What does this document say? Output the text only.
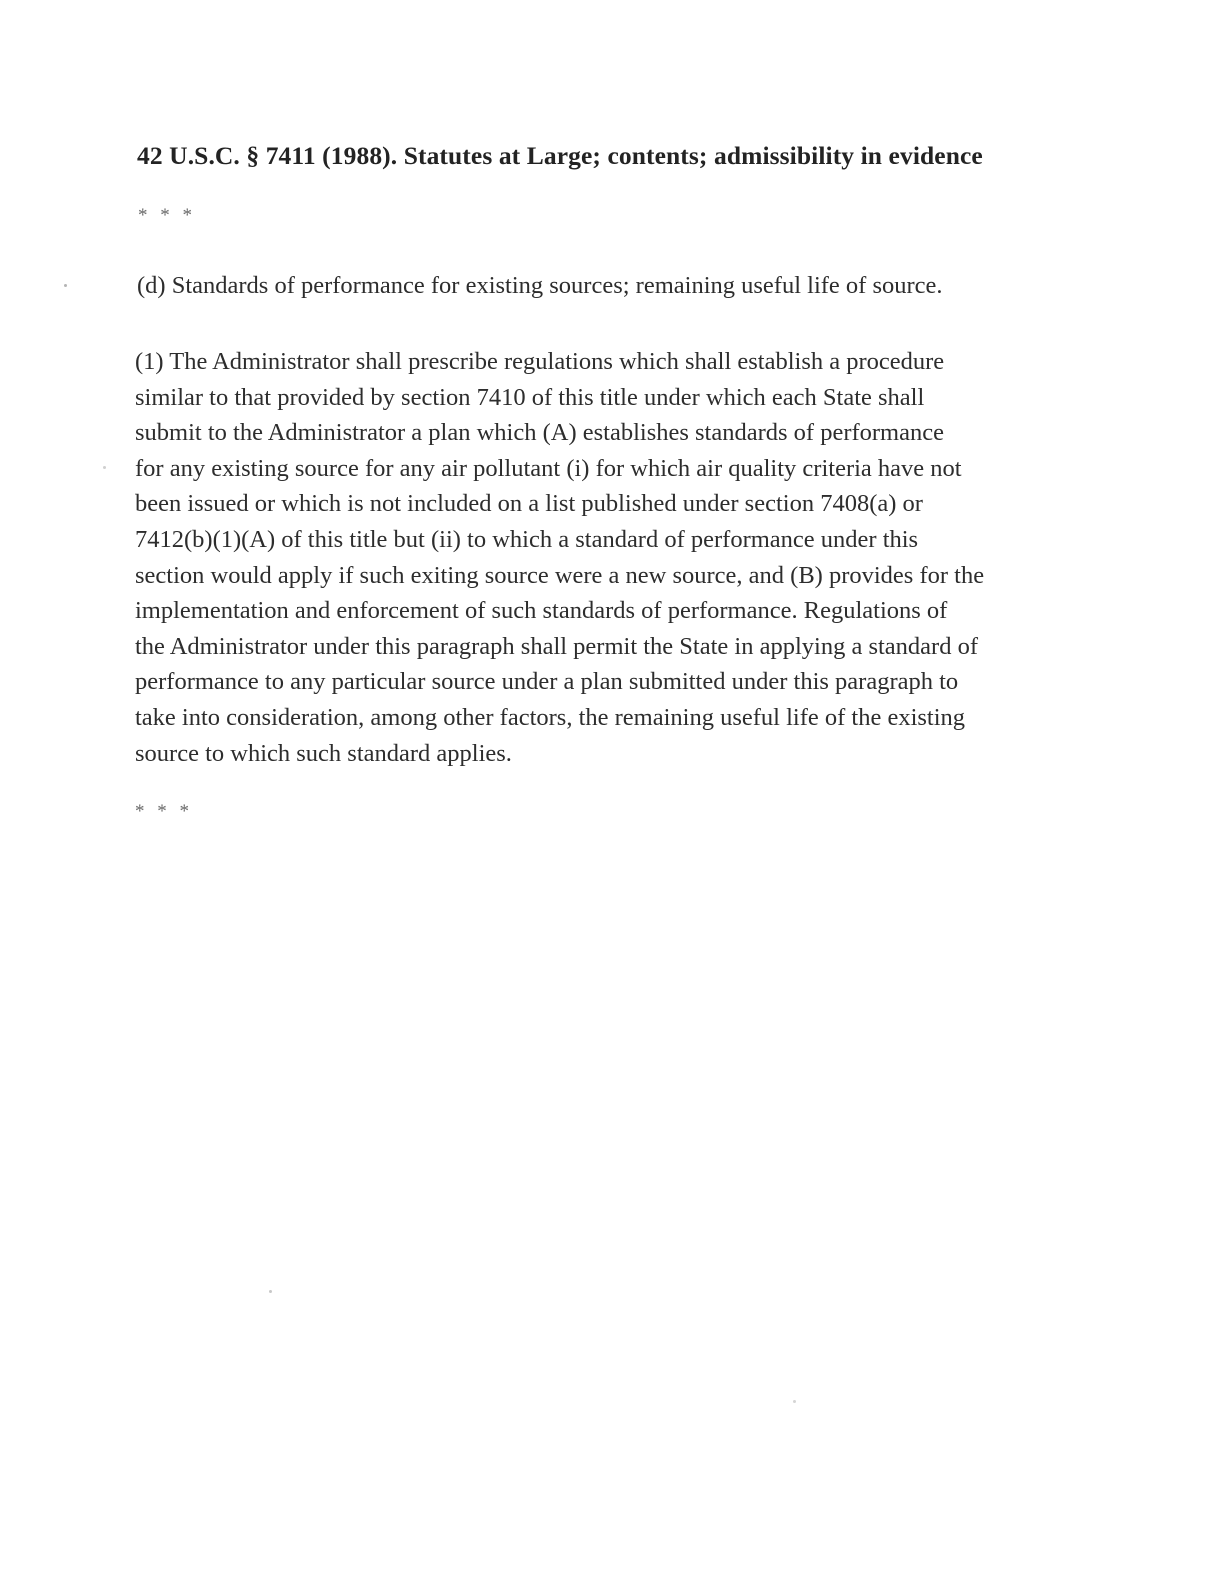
42 U.S.C. § 7411 (1988). Statutes at Large; contents; admissibility in evidence
* * *
(d) Standards of performance for existing sources; remaining useful life of source.
(1) The Administrator shall prescribe regulations which shall establish a procedure
similar to that provided by section 7410 of this title under which each State shall
submit to the Administrator a plan which (A) establishes standards of performance
for any existing source for any air pollutant (i) for which air quality criteria have not
been issued or which is not included on a list published under section 7408(a) or
7412(b)(1)(A) of this title but (ii) to which a standard of performance under this
section would apply if such exiting source were a new source, and (B) provides for the
implementation and enforcement of such standards of performance. Regulations of
the Administrator under this paragraph shall permit the State in applying a standard of
performance to any particular source under a plan submitted under this paragraph to
take into consideration, among other factors, the remaining useful life of the existing
source to which such standard applies.
* * *
